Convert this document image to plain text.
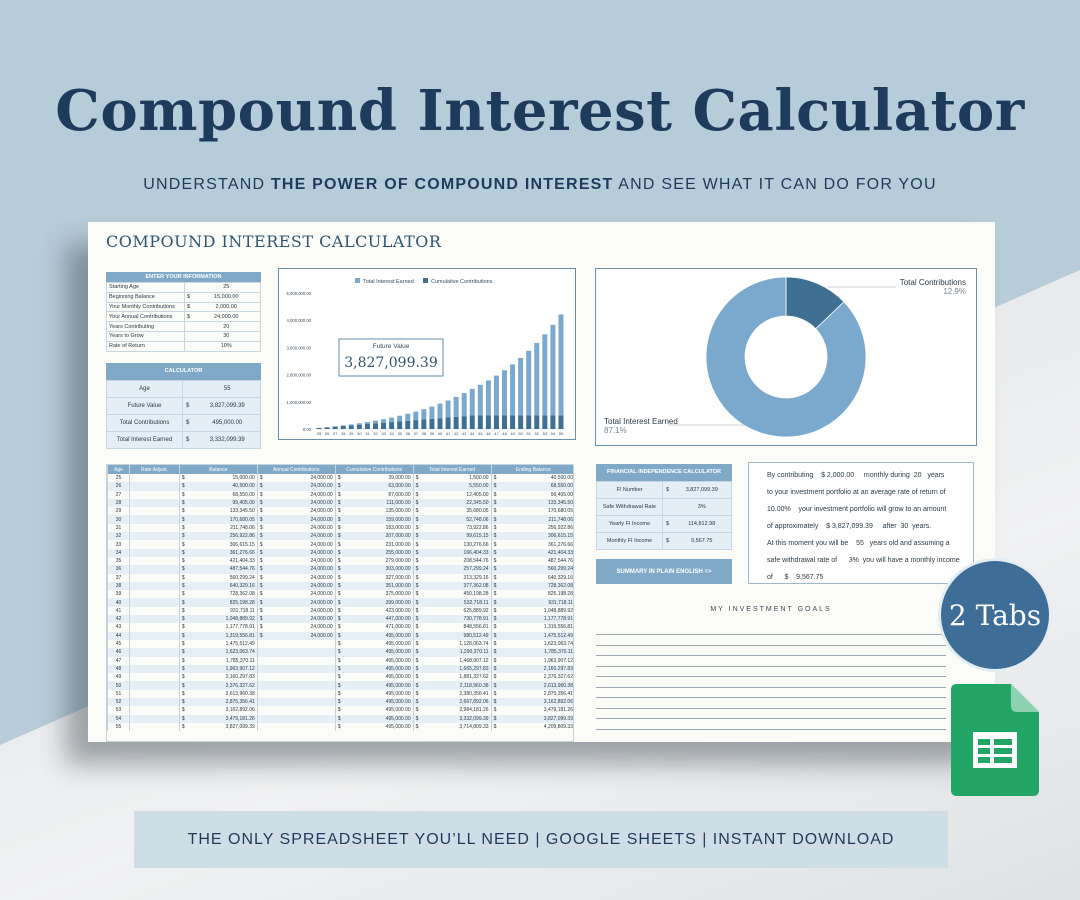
Compound Interest Calculator
UNDERSTAND THE POWER OF COMPOUND INTEREST AND SEE WHAT IT CAN DO FOR YOU
COMPOUND INTEREST CALCULATOR
ENTER YOUR INFORMATION
Starting Age		25
Beginning Balance	$	15,000.00
Your Monthly Contributions	$	2,000.00
Your Annual Contributions	$	24,000.00
Years Contributing		20
Years to Grow		30
Rate of Return		10%
CALCULATOR
Age		55
Future Value	$	3,827,099.39
Total Contributions	$	495,000.00
Total Interest Earned	$	3,332,099.39
Total Interest Earned	Cumulative Contributions
0.00
1,000,000.00
2,000,000.00
3,000,000.00
4,000,000.00
5,000,000.00
25 26 27 28 29 30 31 32 33 34 35 36 37 38 39 40 41 42 43 44 45 46 47 48 49 50 51 52 53 54 55
Future Value
3,827,099.39
Total Contributions
12.9%
Total Interest Earned
87.1%
Age	Rate Adjust.	Balance	Annual Contributions	Cumulative Contributions	Total Interest Earned	Ending Balance
25		$ 15,000.00	$ 24,000.00	$ 39,000.00	$ 1,500.00	$ 40,500.00
26		$ 40,500.00	$ 24,000.00	$ 63,000.00	$ 5,550.00	$ 68,550.00
27		$ 68,550.00	$ 24,000.00	$ 87,000.00	$ 12,405.00	$ 99,405.00
28		$ 99,405.00	$ 24,000.00	$ 111,000.00	$ 22,345.50	$ 133,345.50
29		$ 133,345.50	$ 24,000.00	$ 135,000.00	$ 35,680.05	$ 170,680.05
30		$ 170,680.05	$ 24,000.00	$ 159,000.00	$ 52,748.06	$ 211,748.06
31		$ 211,748.06	$ 24,000.00	$ 183,000.00	$ 73,922.86	$ 256,922.86
32		$ 256,922.86	$ 24,000.00	$ 207,000.00	$ 99,615.15	$ 306,615.15
33		$ 306,615.15	$ 24,000.00	$ 231,000.00	$ 130,276.66	$ 361,276.66
34		$ 361,276.66	$ 24,000.00	$ 255,000.00	$ 166,404.33	$ 421,404.33
35		$ 421,404.33	$ 24,000.00	$ 279,000.00	$ 208,544.76	$ 487,544.76
36		$ 487,544.76	$ 24,000.00	$ 303,000.00	$ 257,299.24	$ 560,299.24
37		$ 560,299.24	$ 24,000.00	$ 327,000.00	$ 313,329.16	$ 640,329.16
38		$ 640,329.16	$ 24,000.00	$ 351,000.00	$ 377,362.08	$ 728,362.08
39		$ 728,362.08	$ 24,000.00	$ 375,000.00	$ 450,198.28	$ 825,198.28
40		$ 825,198.28	$ 24,000.00	$ 399,000.00	$ 532,718.11	$ 931,718.11
41		$ 931,718.11	$ 24,000.00	$ 423,000.00	$ 625,889.92	$ 1,048,889.92
42		$ 1,048,889.92	$ 24,000.00	$ 447,000.00	$ 730,778.91	$ 1,177,778.91
43		$ 1,177,778.91	$ 24,000.00	$ 471,000.00	$ 848,556.81	$ 1,319,556.81
44		$ 1,319,556.81	$ 24,000.00	$ 495,000.00	$ 980,512.49	$ 1,475,512.49
45		$ 1,475,512.49		$ 495,000.00	$ 1,128,063.74	$ 1,623,063.74
46		$ 1,623,063.74		$ 495,000.00	$ 1,290,370.11	$ 1,785,370.11
47		$ 1,785,370.11		$ 495,000.00	$ 1,468,907.12	$ 1,963,907.12
48		$ 1,963,907.12		$ 495,000.00	$ 1,665,297.83	$ 2,160,297.83
49		$ 2,160,297.83		$ 495,000.00	$ 1,881,327.62	$ 2,376,327.62
50		$ 2,376,327.62		$ 495,000.00	$ 2,118,960.38	$ 2,613,960.38
51		$ 2,613,960.38		$ 495,000.00	$ 2,380,356.41	$ 2,875,356.41
52		$ 2,875,356.41		$ 495,000.00	$ 2,667,892.06	$ 3,162,892.06
53		$ 3,162,892.06		$ 495,000.00	$ 2,984,181.26	$ 3,479,181.26
54		$ 3,479,181.26		$ 495,000.00	$ 3,332,099.39	$ 3,827,099.39
55		$ 3,827,099.39		$ 495,000.00	$ 3,714,809.33	$ 4,209,809.33
FINANCIAL INDEPENDENCE CALCULATOR
FI Number	$	3,827,099.39
Safe Withdrawal Rate		3%
Yearly FI Income	$	114,812.98
Monthly FI Income	$	9,567.75
SUMMARY IN PLAIN ENGLISH =>
By contributing    $ 2,000.00     monthly during  20   years
to your investment portfolio at an average rate of return of
10.00%    your investment portfolio will grow to an amount
of approximately    $ 3,827,099.39     after  30  years.
At this moment you will be    55   years old and assuming a
safe withdrawal rate of      3%  you will have a monthly income
of      $    9,567.75
MY INVESTMENT GOALS	2 Tabs
THE ONLY SPREADSHEET YOU’LL NEED | GOOGLE SHEETS | INSTANT DOWNLOAD
